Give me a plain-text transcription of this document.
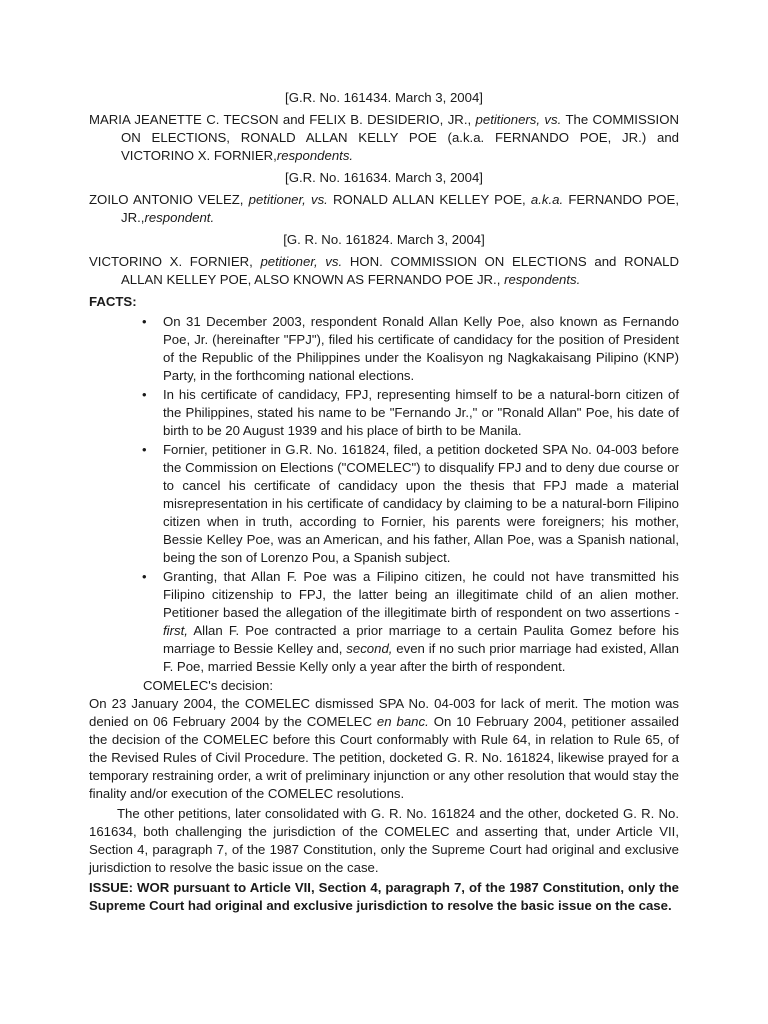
[G.R. No. 161434. March 3, 2004]
MARIA JEANETTE C. TECSON and FELIX B. DESIDERIO, JR., petitioners, vs. The COMMISSION ON ELECTIONS, RONALD ALLAN KELLY POE (a.k.a. FERNANDO POE, JR.) and VICTORINO X. FORNIER,respondents.
[G.R. No. 161634. March 3, 2004]
ZOILO ANTONIO VELEZ, petitioner, vs. RONALD ALLAN KELLEY POE, a.k.a. FERNANDO POE, JR.,respondent.
[G. R. No. 161824. March 3, 2004]
VICTORINO X. FORNIER, petitioner, vs. HON. COMMISSION ON ELECTIONS and RONALD ALLAN KELLEY POE, ALSO KNOWN AS FERNANDO POE JR., respondents.
FACTS:
• On 31 December 2003, respondent Ronald Allan Kelly Poe, also known as Fernando Poe, Jr. (hereinafter "FPJ"), filed his certificate of candidacy for the position of President of the Republic of the Philippines under the Koalisyon ng Nagkakaisang Pilipino (KNP) Party, in the forthcoming national elections.
• In his certificate of candidacy, FPJ, representing himself to be a natural-born citizen of the Philippines, stated his name to be "Fernando Jr.," or "Ronald Allan" Poe, his date of birth to be 20 August 1939 and his place of birth to be Manila.
• Fornier, petitioner in G.R. No. 161824, filed, a petition docketed SPA No. 04-003 before the Commission on Elections ("COMELEC") to disqualify FPJ and to deny due course or to cancel his certificate of candidacy upon the thesis that FPJ made a material misrepresentation in his certificate of candidacy by claiming to be a natural-born Filipino citizen when in truth, according to Fornier, his parents were foreigners; his mother, Bessie Kelley Poe, was an American, and his father, Allan Poe, was a Spanish national, being the son of Lorenzo Pou, a Spanish subject.
• Granting, that Allan F. Poe was a Filipino citizen, he could not have transmitted his Filipino citizenship to FPJ, the latter being an illegitimate child of an alien mother. Petitioner based the allegation of the illegitimate birth of respondent on two assertions - first, Allan F. Poe contracted a prior marriage to a certain Paulita Gomez before his marriage to Bessie Kelley and, second, even if no such prior marriage had existed, Allan F. Poe, married Bessie Kelly only a year after the birth of respondent.
COMELEC's decision:
On 23 January 2004, the COMELEC dismissed SPA No. 04-003 for lack of merit. The motion was denied on 06 February 2004 by the COMELEC en banc. On 10 February 2004, petitioner assailed the decision of the COMELEC before this Court conformably with Rule 64, in relation to Rule 65, of the Revised Rules of Civil Procedure. The petition, docketed G. R. No. 161824, likewise prayed for a temporary restraining order, a writ of preliminary injunction or any other resolution that would stay the finality and/or execution of the COMELEC resolutions.
The other petitions, later consolidated with G. R. No. 161824 and the other, docketed G. R. No. 161634, both challenging the jurisdiction of the COMELEC and asserting that, under Article VII, Section 4, paragraph 7, of the 1987 Constitution, only the Supreme Court had original and exclusive jurisdiction to resolve the basic issue on the case.
ISSUE: WOR pursuant to Article VII, Section 4, paragraph 7, of the 1987 Constitution, only the Supreme Court had original and exclusive jurisdiction to resolve the basic issue on the case.
